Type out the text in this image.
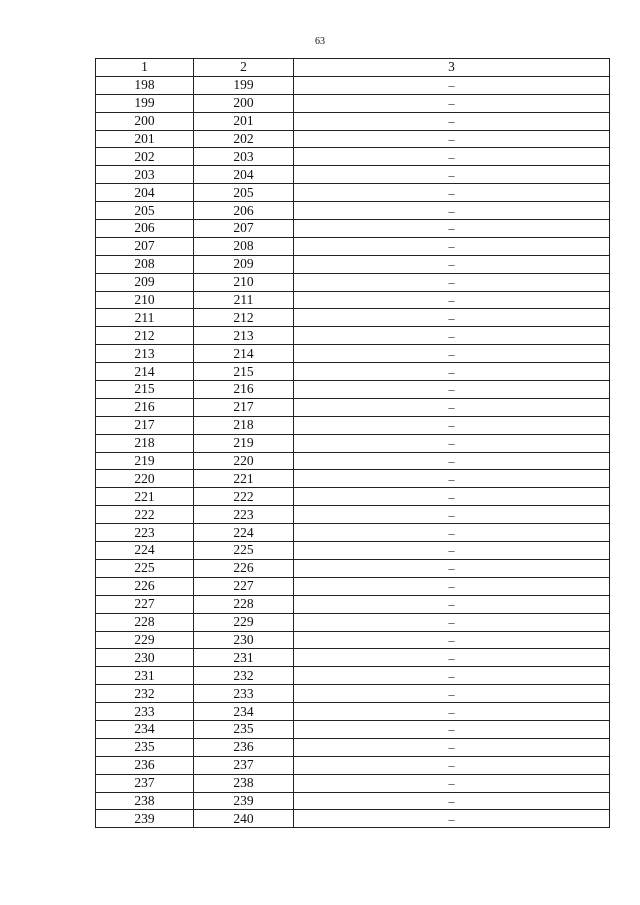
63
1	2	3
198	199	–
199	200	–
200	201	–
201	202	–
202	203	–
203	204	–
204	205	–
205	206	–
206	207	–
207	208	–
208	209	–
209	210	–
210	211	–
211	212	–
212	213	–
213	214	–
214	215	–
215	216	–
216	217	–
217	218	–
218	219	–
219	220	–
220	221	–
221	222	–
222	223	–
223	224	–
224	225	–
225	226	–
226	227	–
227	228	–
228	229	–
229	230	–
230	231	–
231	232	–
232	233	–
233	234	–
234	235	–
235	236	–
236	237	–
237	238	–
238	239	–
239	240	–
